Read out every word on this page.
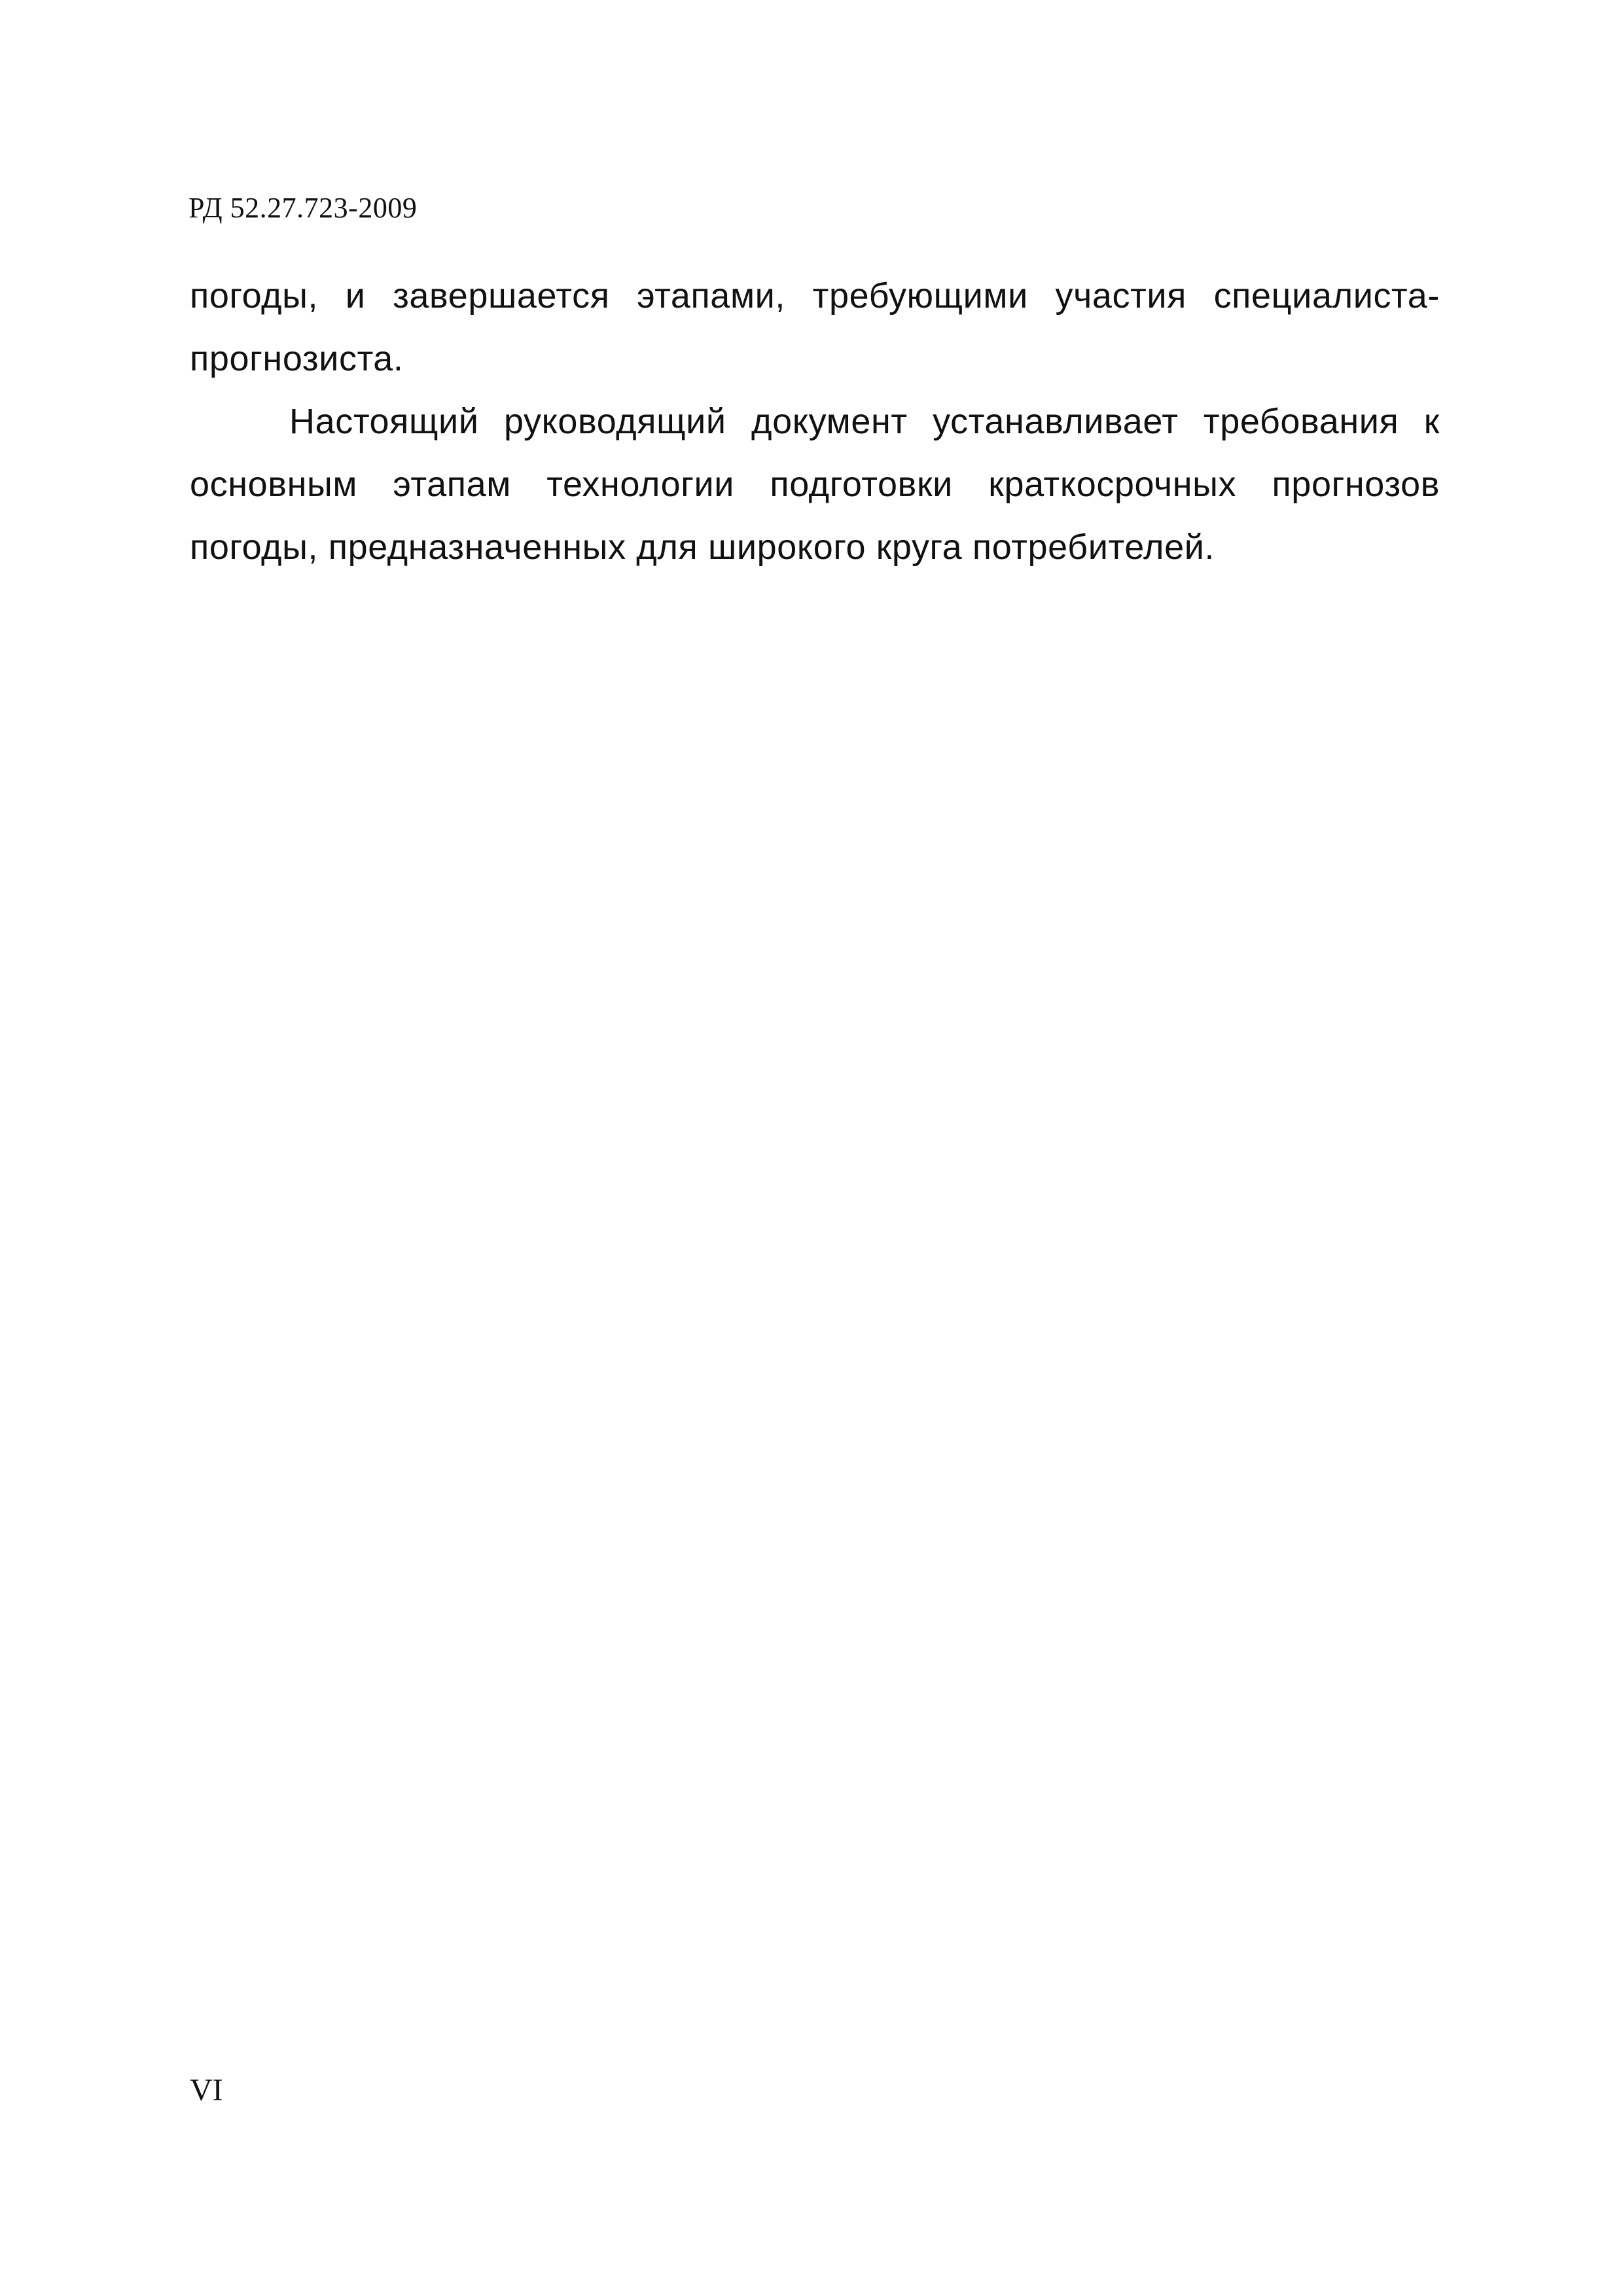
РД 52.27.723-2009

погоды, и завершается этапами, требующими участия специалиста-прогнозиста.

Настоящий руководящий документ устанавливает требования к основным этапам технологии подготовки краткосрочных прогнозов погоды, предназначенных для широкого круга потребителей.

VI
